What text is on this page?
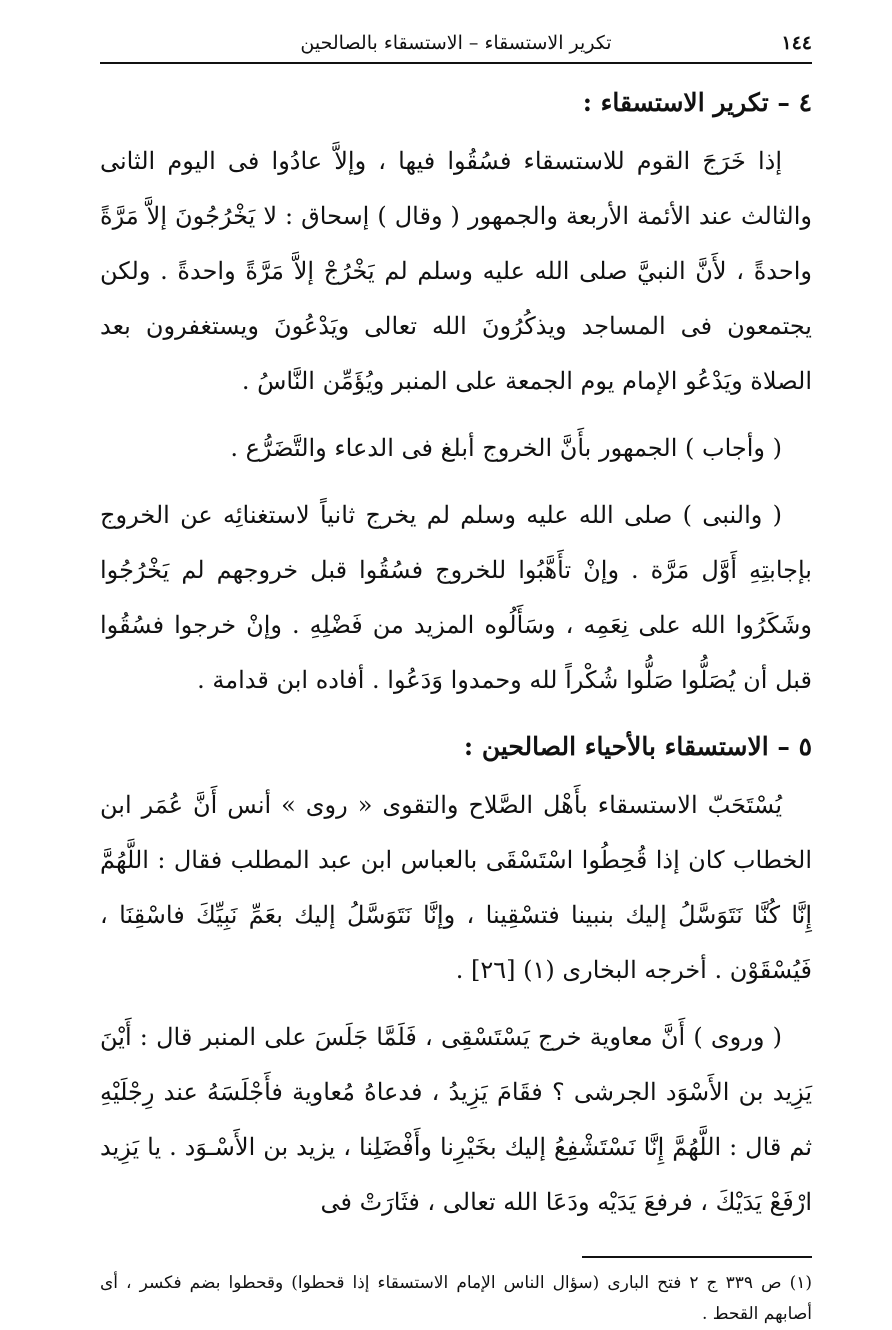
١٤٤
تكرير الاستسقاء – الاستسقاء بالصالحين
٤ – تكرير الاستسقاء :

إذا خَرَجَ القوم للاستسقاء فسُقُوا فيها ، وإلاَّ عادُوا فى اليوم الثانى والثالث عند الأئمة الأربعة والجمهور ( وقال ) إسحاق : لا يَخْرُجُونَ إلاَّ مَرَّةً واحدةً ، لأَنَّ النبيَّ صلى الله عليه وسلم لم يَخْرُجْ إلاَّ مَرَّةً واحدةً . ولكن يجتمعون فى المساجد ويذكُرُونَ الله تعالى ويَدْعُونَ ويستغفرون بعد الصلاة ويَدْعُو الإمام يوم الجمعة على المنبر ويُؤَمِّن النَّاسُ .

( وأجاب ) الجمهور بأَنَّ الخروج أبلغ فى الدعاء والتَّضَرُّع .

( والنبى ) صلى الله عليه وسلم لم يخرج ثانياً لاستغنائِه عن الخروج بإجابتِهِ أَوَّل مَرَّة . وإنْ تأَهَّبُوا للخروج فسُقُوا قبل خروجهم لم يَخْرُجُوا وشَكَرُوا الله على نِعَمِه ، وسَأَلُوه المزيد من فَضْلِهِ . وإنْ خرجوا فسُقُوا قبل أن يُصَلُّوا صَلُّوا شُكْراً لله وحمدوا وَدَعُوا . أفاده ابن قدامة .

٥ – الاستسقاء بالأحياء الصالحين :

يُسْتَحَبّ الاستسقاء بأَهْل الصَّلاح والتقوى « روى » أنس أَنَّ عُمَر ابن الخطاب كان إذا قُحِطُوا اسْتَسْقَى بالعباس ابن عبد المطلب فقال : اللَّهُمَّ إِنَّا كُنَّا نَتَوَسَّلُ إليك بنبينا فتسْقِينا ، وإنَّا نَتَوَسَّلُ إليك بعَمِّ نَبِيِّكَ فاسْقِنَا ، فَيُسْقَوْن . أخرجه البخارى (١) [٢٦] .

( وروى ) أَنَّ معاوية خرج يَسْتَسْقِى ، فَلَمَّا جَلَسَ على المنبر قال : أَيْنَ يَزِيد بن الأَسْوَد الجرشى ؟ فقَامَ يَزِيدُ ، فدعاهُ مُعاوية فأَجْلَسَهُ عند رِجْلَيْهِ ثم قال : اللَّهُمَّ إِنَّا نَسْتَشْفِعُ إليك بخَيْرِنا وأَفْضَلِنا ، يزيد بن الأَسْـوَد . يا يَزِيد ارْفَعْ يَدَيْكَ ، فرفعَ يَدَيْه ودَعَا الله تعالى ، فثَارَتْ فى

(١) ص ٣٣٩ ج ٢ فتح البارى (سؤال الناس الإمام الاستسقاء إذا قحطوا) وقحطوا بضم فكسر ، أى أصابهم القحط .
